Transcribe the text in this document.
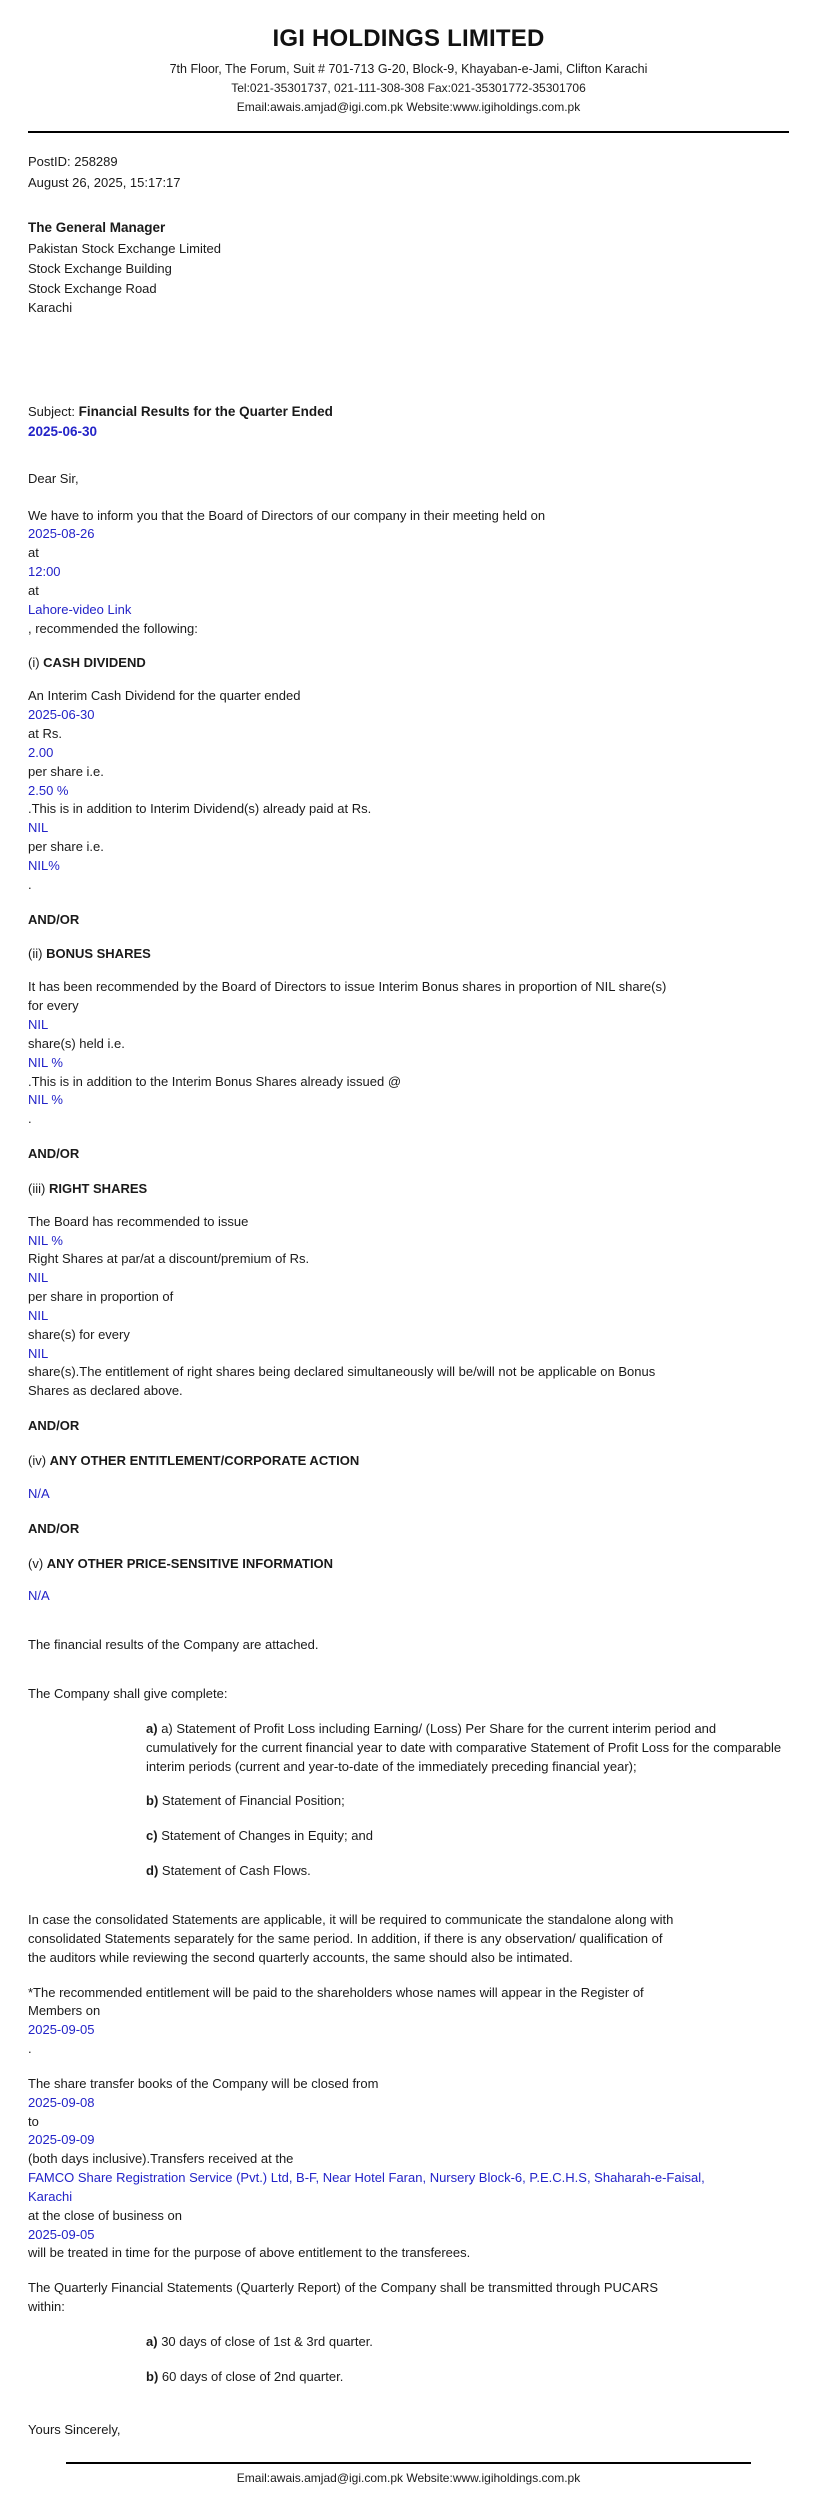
IGI HOLDINGS LIMITED
7th Floor, The Forum, Suit # 701-713 G-20, Block-9, Khayaban-e-Jami, Clifton Karachi
Tel:021-35301737, 021-111-308-308 Fax:021-35301772-35301706
Email:awais.amjad@igi.com.pk Website:www.igiholdings.com.pk
PostID: 258289
August 26, 2025, 15:17:17
The General Manager
Pakistan Stock Exchange Limited
Stock Exchange Building
Stock Exchange Road
Karachi
Subject: Financial Results for the Quarter Ended
2025-06-30
Dear Sir,
We have to inform you that the Board of Directors of our company in their meeting held on
2025-08-26
at
12:00
at
Lahore-video Link
, recommended the following:
(i) CASH DIVIDEND
An Interim Cash Dividend for the quarter ended
2025-06-30
at Rs.
2.00
per share i.e.
2.50 %
.This is in addition to Interim Dividend(s) already paid at Rs.
NIL
per share i.e.
NIL%
.
AND/OR
(ii) BONUS SHARES
It has been recommended by the Board of Directors to issue Interim Bonus shares in proportion of NIL share(s)
for every
NIL
share(s) held i.e.
NIL %
.This is in addition to the Interim Bonus Shares already issued @
NIL %
.
AND/OR
(iii) RIGHT SHARES
The Board has recommended to issue
NIL %
Right Shares at par/at a discount/premium of Rs.
NIL
per share in proportion of
NIL
share(s) for every
NIL
share(s).The entitlement of right shares being declared simultaneously will be/will not be applicable on Bonus
Shares as declared above.
AND/OR
(iv) ANY OTHER ENTITLEMENT/CORPORATE ACTION
N/A
AND/OR
(v) ANY OTHER PRICE-SENSITIVE INFORMATION
N/A
The financial results of the Company are attached.
The Company shall give complete:
a) a) Statement of Profit Loss including Earning/ (Loss) Per Share for the current interim period and cumulatively for the current financial year to date with comparative Statement of Profit Loss for the comparable interim periods (current and year-to-date of the immediately preceding financial year);
b) Statement of Financial Position;
c) Statement of Changes in Equity; and
d) Statement of Cash Flows.
In case the consolidated Statements are applicable, it will be required to communicate the standalone along with
consolidated Statements separately for the same period. In addition, if there is any observation/ qualification of
the auditors while reviewing the second quarterly accounts, the same should also be intimated.
*The recommended entitlement will be paid to the shareholders whose names will appear in the Register of
Members on
2025-09-05
.
The share transfer books of the Company will be closed from
2025-09-08
to
2025-09-09
(both days inclusive).Transfers received at the
FAMCO Share Registration Service (Pvt.) Ltd, B-F, Near Hotel Faran, Nursery Block-6, P.E.C.H.S, Shaharah-e-Faisal,
Karachi
at the close of business on
2025-09-05
will be treated in time for the purpose of above entitlement to the transferees.
The Quarterly Financial Statements (Quarterly Report) of the Company shall be transmitted through PUCARS
within:
a) 30 days of close of 1st & 3rd quarter.
b) 60 days of close of 2nd quarter.
Yours Sincerely,
Email:awais.amjad@igi.com.pk Website:www.igiholdings.com.pk
